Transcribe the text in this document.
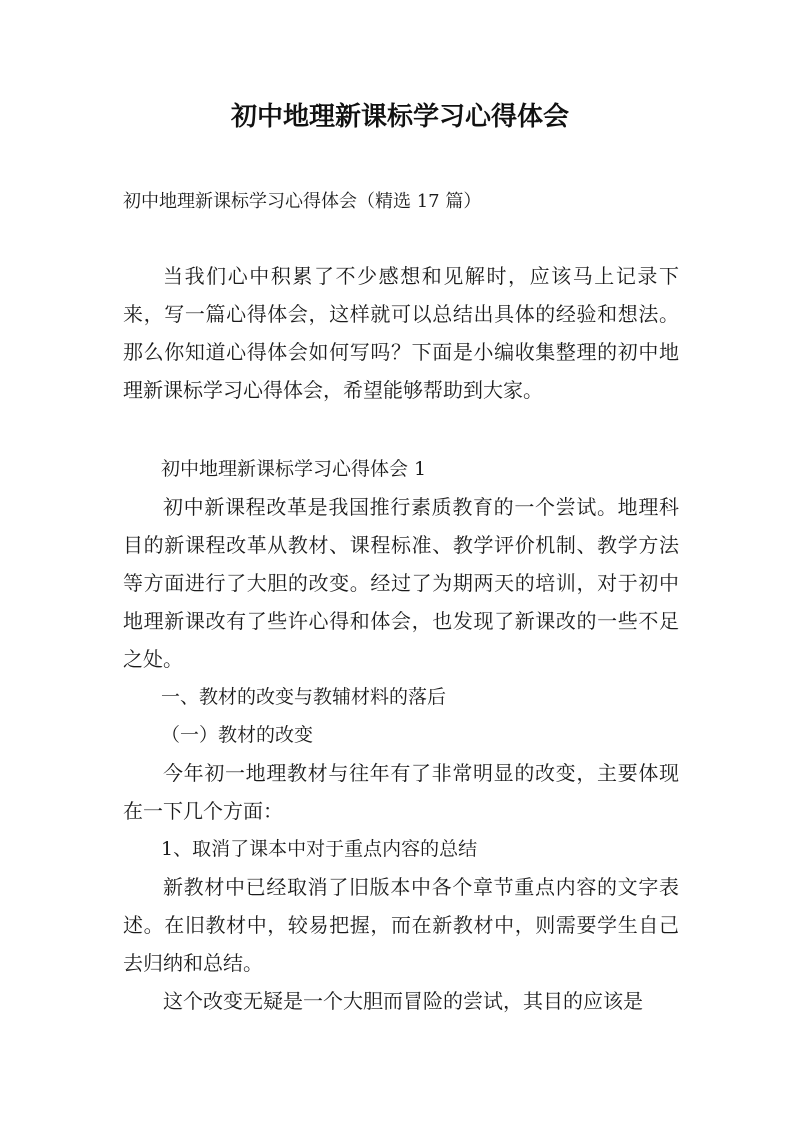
初中地理新课标学习心得体会

初中地理新课标学习心得体会（精选 17 篇）

当我们心中积累了不少感想和见解时，应该马上记录下来，写一篇心得体会，这样就可以总结出具体的经验和想法。那么你知道心得体会如何写吗？下面是小编收集整理的初中地理新课标学习心得体会，希望能够帮助到大家。

初中地理新课标学习心得体会 1

初中新课程改革是我国推行素质教育的一个尝试。地理科目的新课程改革从教材、课程标准、教学评价机制、教学方法等方面进行了大胆的改变。经过了为期两天的培训，对于初中地理新课改有了些许心得和体会，也发现了新课改的一些不足之处。

一、教材的改变与教辅材料的落后

（一）教材的改变

今年初一地理教材与往年有了非常明显的改变，主要体现在一下几个方面：

1、取消了课本中对于重点内容的总结

新教材中已经取消了旧版本中各个章节重点内容的文字表述。在旧教材中，较易把握，而在新教材中，则需要学生自己去归纳和总结。

这个改变无疑是一个大胆而冒险的尝试，其目的应该是
